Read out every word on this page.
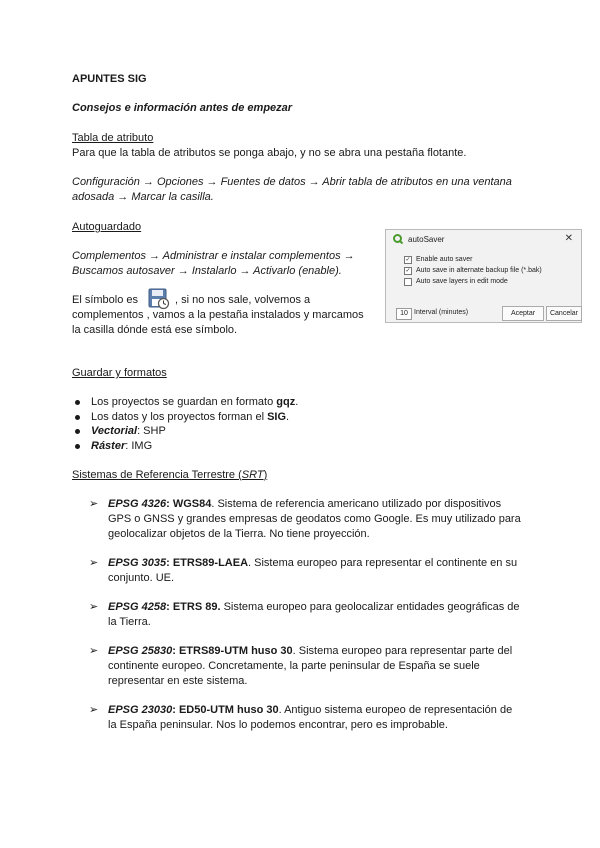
APUNTES SIG
Consejos e información antes de empezar
Tabla de atributo
Para que la tabla de atributos se ponga abajo, y no se abra una pestaña flotante.
Configuración → Opciones → Fuentes de datos → Abrir tabla de atributos en una ventana
adosada → Marcar la casilla.
Autoguardado
Complementos → Administrar e instalar complementos →
Buscamos autosaver → Instalarlo → Activarlo (enable).
El símbolo es	, si no nos sale, volvemos a
complementos , vamos a la pestaña instalados y marcamos
la casilla dónde está ese símbolo.
autoSaver	✕
✓ Enable auto saver
✓ Auto save in alternate backup file (*.bak)
Auto save layers in edit mode
10 Interval (minutes)	Aceptar	Cancelar
Guardar y formatos
Los proyectos se guardan en formato gqz.
Los datos y los proyectos forman el SIG.
Vectorial: SHP
Ráster: IMG
Sistemas de Referencia Terrestre (SRT)
➢ EPSG 4326: WGS84. Sistema de referencia americano utilizado por dispositivos
GPS o GNSS y grandes empresas de geodatos como Google. Es muy utilizado para
geolocalizar objetos de la Tierra. No tiene proyección.
➢ EPSG 3035: ETRS89-LAEA. Sistema europeo para representar el continente en su
conjunto. UE.
➢ EPSG 4258: ETRS 89. Sistema europeo para geolocalizar entidades geográficas de
la Tierra.
➢ EPSG 25830: ETRS89-UTM huso 30. Sistema europeo para representar parte del
continente europeo. Concretamente, la parte peninsular de España se suele
representar en este sistema.
➢ EPSG 23030: ED50-UTM huso 30. Antiguo sistema europeo de representación de
la España peninsular. Nos lo podemos encontrar, pero es improbable.
